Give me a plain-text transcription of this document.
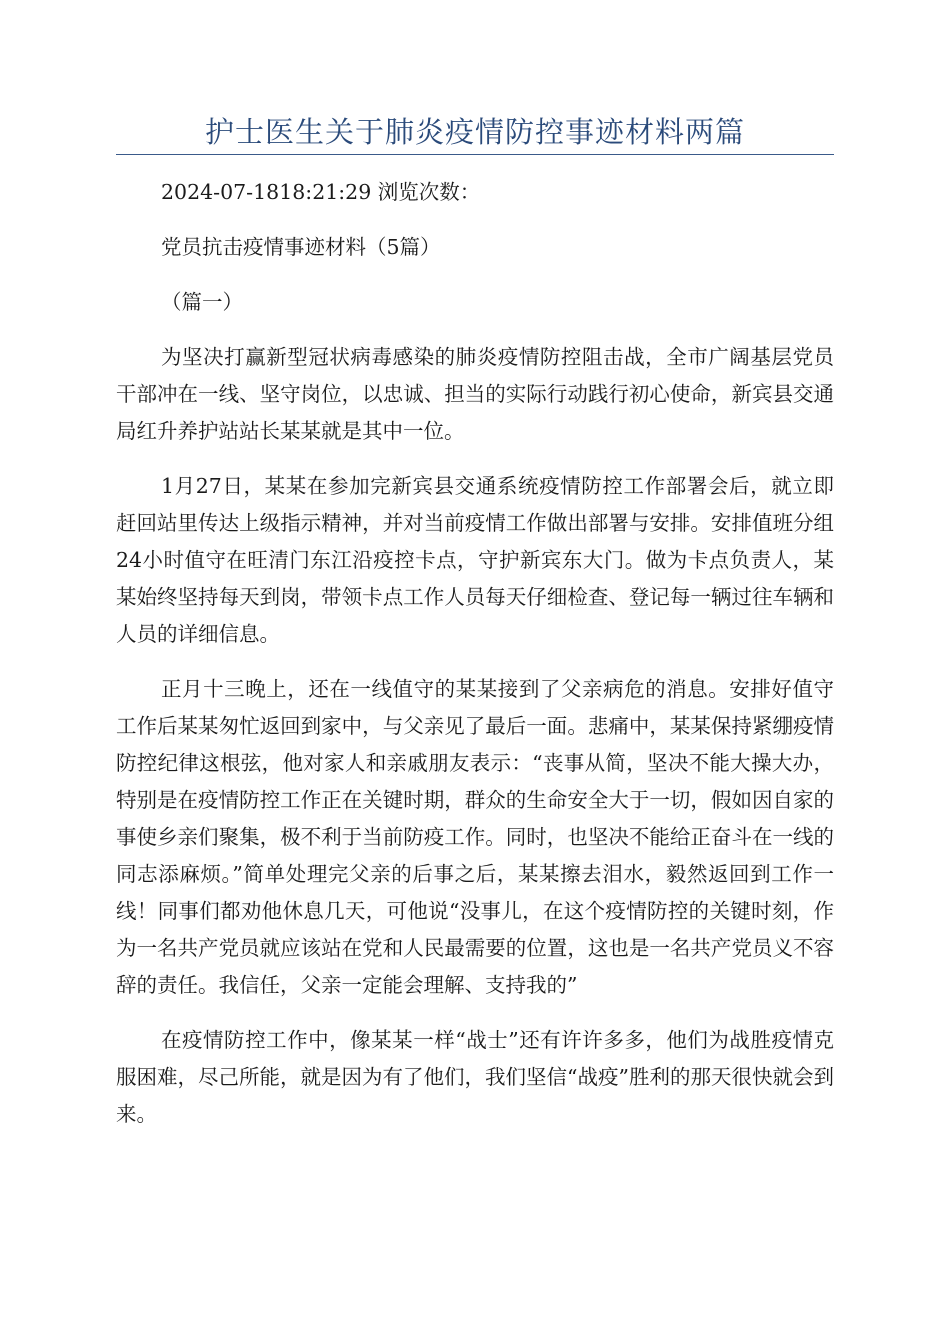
护士医生关于肺炎疫情防控事迹材料两篇

2024-07-1818:21:29 浏览次数：

党员抗击疫情事迹材料（5篇）

（篇一）

为坚决打赢新型冠状病毒感染的肺炎疫情防控阻击战，全市广阔基层党员干部冲在一线、坚守岗位，以忠诚、担当的实际行动践行初心使命，新宾县交通局红升养护站站长某某就是其中一位。

1月27日，某某在参加完新宾县交通系统疫情防控工作部署会后，就立即赶回站里传达上级指示精神，并对当前疫情工作做出部署与安排。安排值班分组24小时值守在旺清门东江沿疫控卡点，守护新宾东大门。做为卡点负责人，某某始终坚持每天到岗，带领卡点工作人员每天仔细检查、登记每一辆过往车辆和人员的详细信息。

正月十三晚上，还在一线值守的某某接到了父亲病危的消息。安排好值守工作后某某匆忙返回到家中，与父亲见了最后一面。悲痛中，某某保持紧绷疫情防控纪律这根弦，他对家人和亲戚朋友表示：“丧事从简，坚决不能大操大办，特别是在疫情防控工作正在关键时期，群众的生命安全大于一切，假如因自家的事使乡亲们聚集，极不利于当前防疫工作。同时，也坚决不能给正奋斗在一线的同志添麻烦。”简单处理完父亲的后事之后，某某擦去泪水，毅然返回到工作一线！同事们都劝他休息几天，可他说“没事儿，在这个疫情防控的关键时刻，作为一名共产党员就应该站在党和人民最需要的位置，这也是一名共产党员义不容辞的责任。我信任，父亲一定能会理解、支持我的”

在疫情防控工作中，像某某一样“战士”还有许许多多，他们为战胜疫情克服困难，尽己所能，就是因为有了他们，我们坚信“战疫”胜利的那天很快就会到来。
